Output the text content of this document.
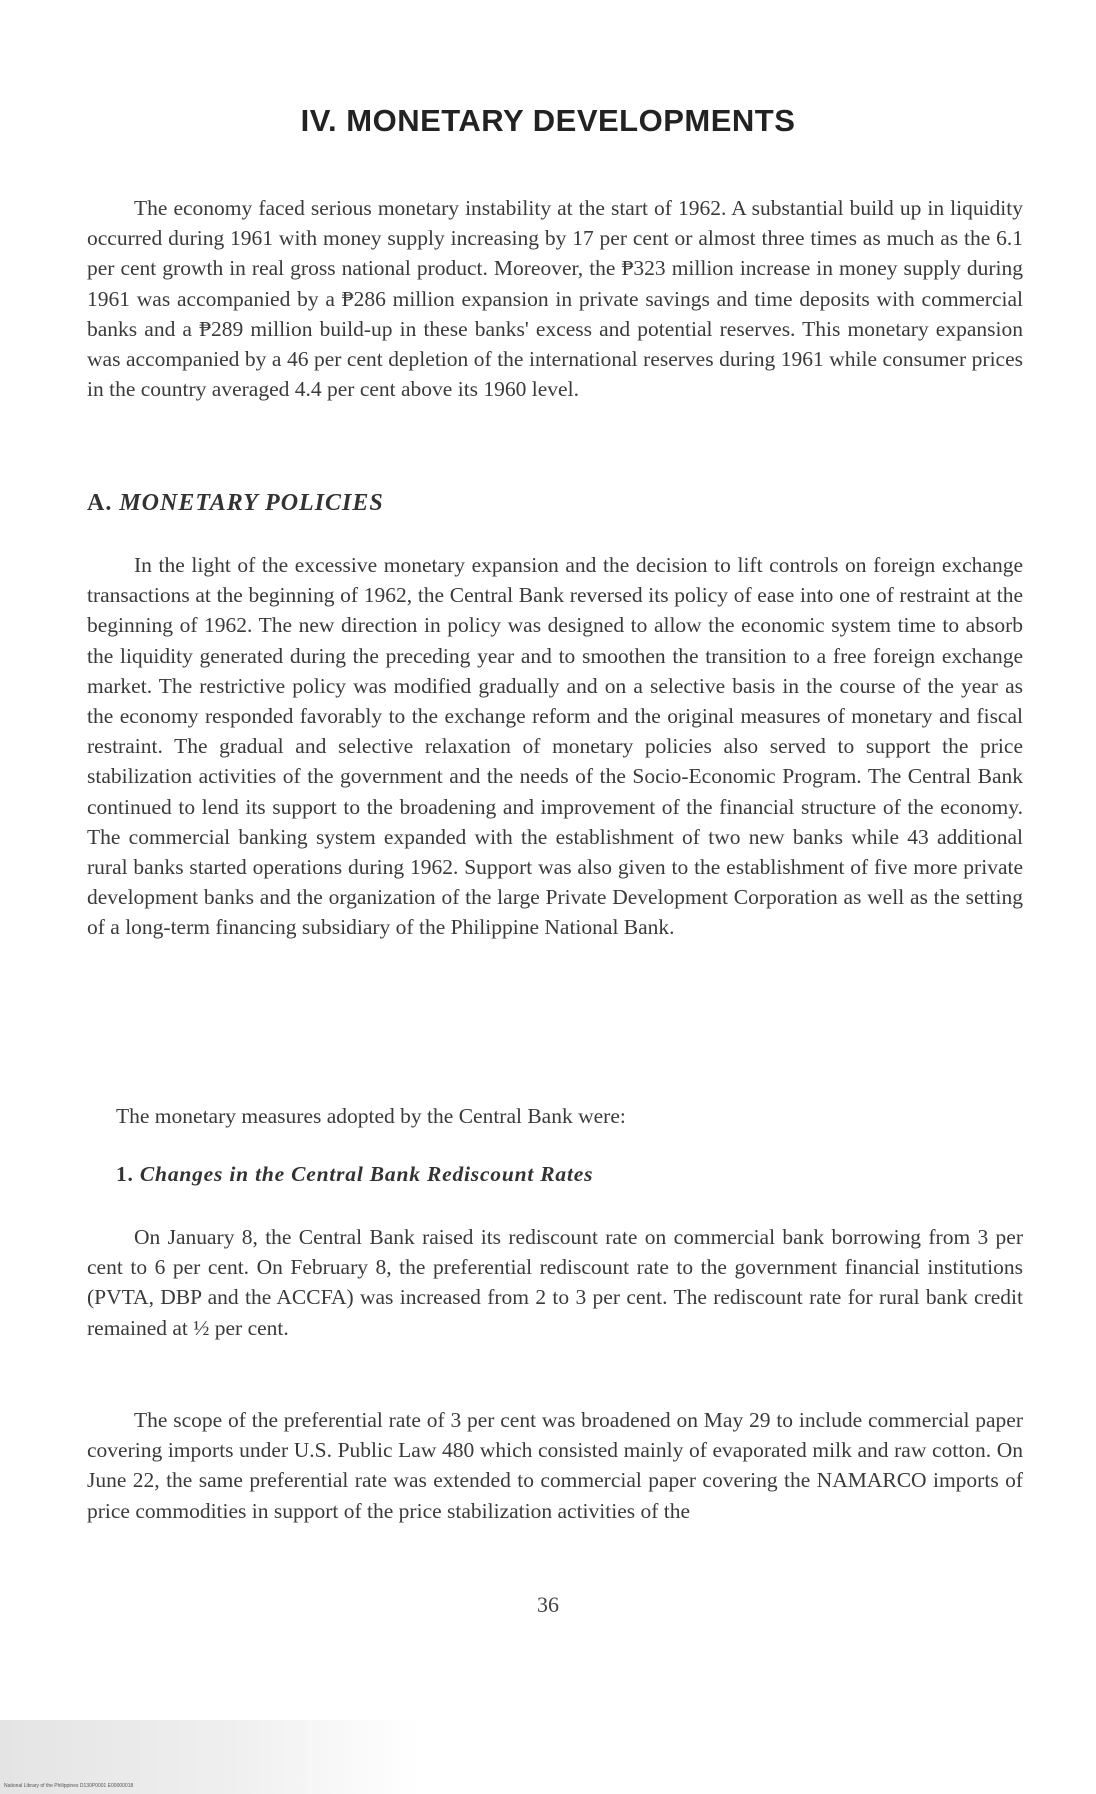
IV. MONETARY DEVELOPMENTS

The economy faced serious monetary instability at the start of 1962. A substantial build up in liquidity occurred during 1961 with money supply increasing by 17 per cent or almost three times as much as the 6.1 per cent growth in real gross national product. Moreover, the ₱323 million increase in money supply during 1961 was accompanied by a ₱286 million expansion in private savings and time deposits with commercial banks and a ₱289 million build-up in these banks' excess and potential reserves. This monetary expansion was accompanied by a 46 per cent depletion of the international reserves during 1961 while consumer prices in the country averaged 4.4 per cent above its 1960 level.

A. MONETARY POLICIES

In the light of the excessive monetary expansion and the decision to lift controls on foreign exchange transactions at the beginning of 1962, the Central Bank reversed its policy of ease into one of restraint at the beginning of 1962. The new direction in policy was designed to allow the economic system time to absorb the liquidity generated during the preceding year and to smoothen the transition to a free foreign exchange market. The restrictive policy was modified gradually and on a selective basis in the course of the year as the economy responded favorably to the exchange reform and the original measures of monetary and fiscal restraint. The gradual and selective relaxation of monetary policies also served to support the price stabilization activities of the government and the needs of the Socio-Economic Program. The Central Bank continued to lend its support to the broadening and improvement of the financial structure of the economy. The commercial banking system expanded with the establishment of two new banks while 43 additional rural banks started operations during 1962. Support was also given to the establishment of five more private development banks and the organization of the large Private Development Corporation as well as the setting of a long-term financing subsidiary of the Philippine National Bank.

The monetary measures adopted by the Central Bank were:

1. Changes in the Central Bank Rediscount Rates

On January 8, the Central Bank raised its rediscount rate on commercial bank borrowing from 3 per cent to 6 per cent. On February 8, the preferential rediscount rate to the government financial institutions (PVTA, DBP and the ACCFA) was increased from 2 to 3 per cent. The rediscount rate for rural bank credit remained at ½ per cent.

The scope of the preferential rate of 3 per cent was broadened on May 29 to include commercial paper covering imports under U.S. Public Law 480 which consisted mainly of evaporated milk and raw cotton. On June 22, the same preferential rate was extended to commercial paper covering the NAMARCO imports of price commodities in support of the price stabilization activities of the

36

National Library of the Philippines D130P0001 E00000018
